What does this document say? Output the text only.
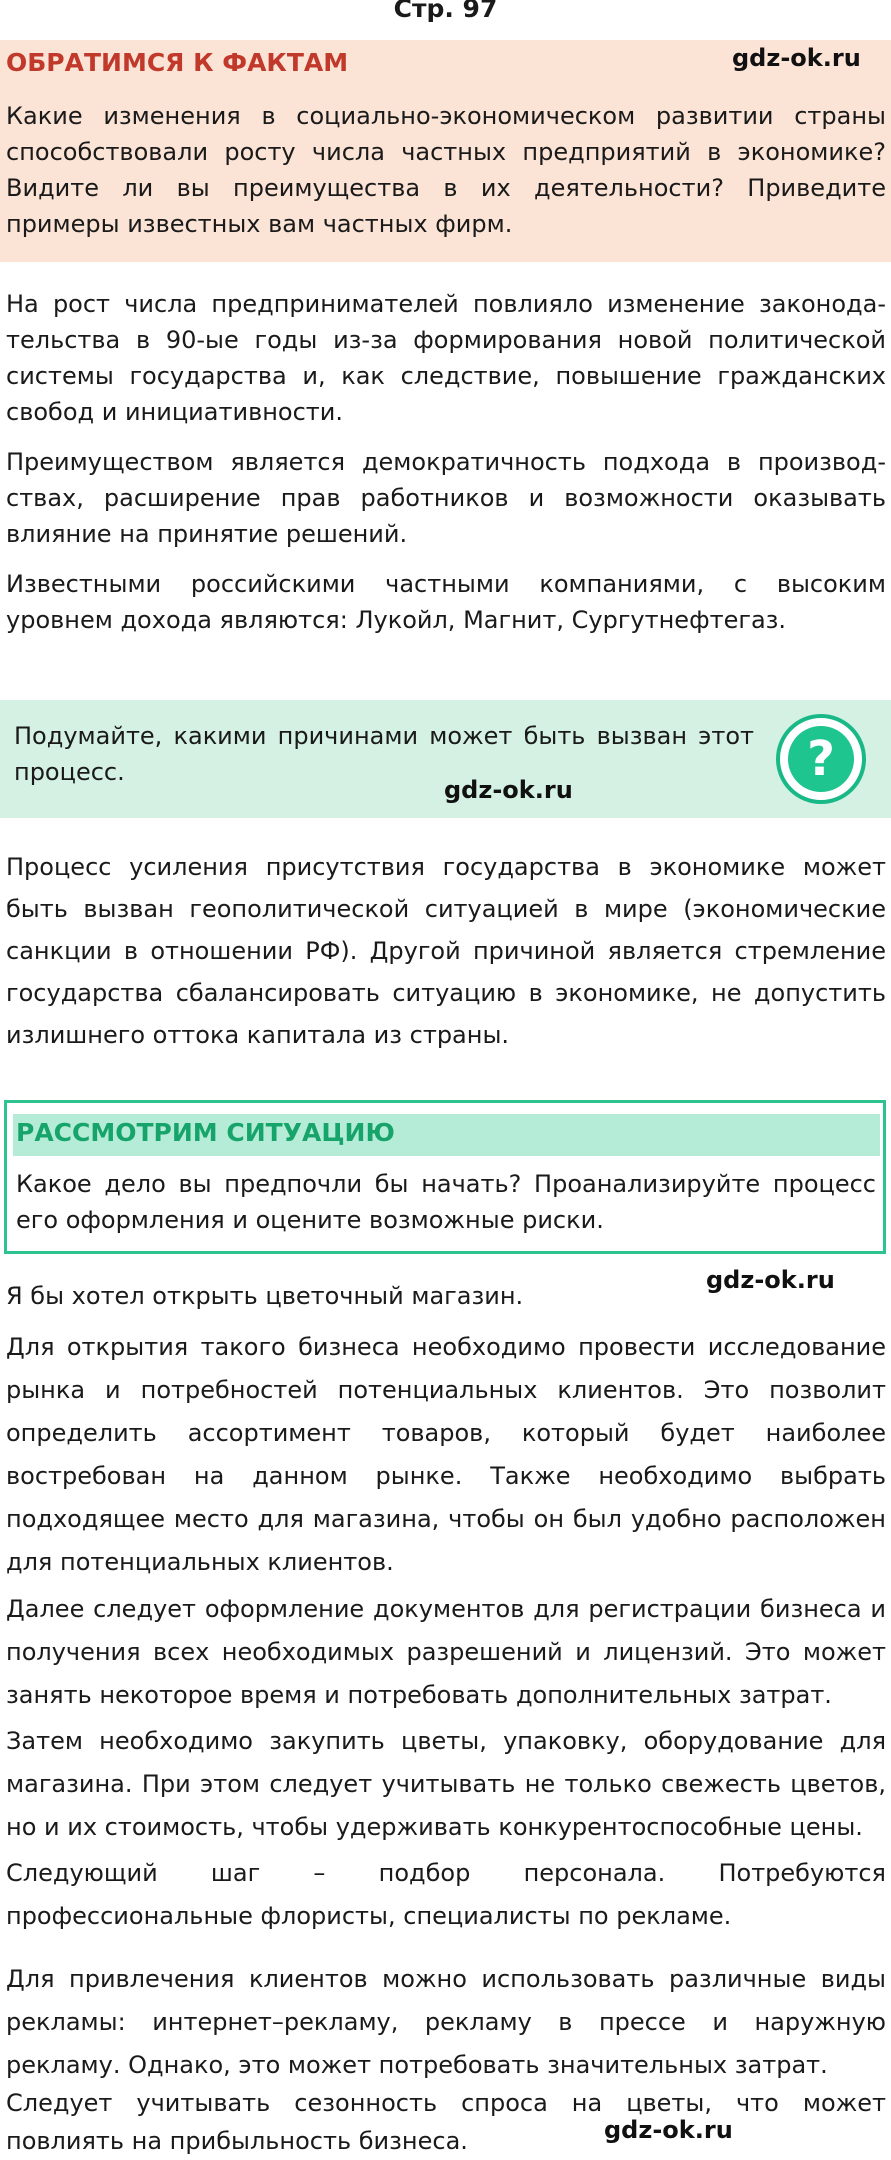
Стр. 97
ОБРАТИМСЯ К ФАКТАМ	gdz-ok.ru

Какие изменения в социально-экономическом развитии страны способствовали росту числа частных предприятий в экономике? Видите ли вы преимущества в их деятельности? Приведите примеры известных вам частных фирм.

На рост числа предпринимателей повлияло изменение законодательства в 90-ые годы из-за формирования новой политической системы государства и, как следствие, повышение гражданских свобод и инициативности.

Преимуществом является демократичность подхода в производствах, расширение прав работников и возможности оказывать влияние на принятие решений.

Известными российскими частными компаниями, с высоким уровнем дохода являются: Лукойл, Магнит, Сургутнефтегаз.

Подумайте, какими причинами может быть вызван этот процесс.	?
gdz-ok.ru

Процесс усиления присутствия государства в экономике может быть вызван геополитической ситуацией в мире (экономические санкции в отношении РФ). Другой причиной является стремление государства сбалансировать ситуацию в экономике, не допустить излишнего оттока капитала из страны.

РАССМОТРИМ СИТУАЦИЮ

Какое дело вы предпочли бы начать? Проанализируйте процесс его оформления и оцените возможные риски.

Я бы хотел открыть цветочный магазин.

gdz-ok.ru

Для открытия такого бизнеса необходимо провести исследование рынка и потребностей потенциальных клиентов. Это позволит определить ассортимент товаров, который будет наиболее востребован на данном рынке. Также необходимо выбрать подходящее место для магазина, чтобы он был удобно расположен для потенциальных клиентов.

Далее следует оформление документов для регистрации бизнеса и получения всех необходимых разрешений и лицензий. Это может занять некоторое время и потребовать дополнительных затрат.

Затем необходимо закупить цветы, упаковку, оборудование для магазина. При этом следует учитывать не только свежесть цветов, но и их стоимость, чтобы удерживать конкурентоспособные цены.

Следующий шаг – подбор персонала. Потребуются профессиональные флористы, специалисты по рекламе.

Для привлечения клиентов можно использовать различные виды рекламы: интернет–рекламу, рекламу в прессе и наружную рекламу. Однако, это может потребовать значительных затрат.

Следует учитывать сезонность спроса на цветы, что может повлиять на прибыльность бизнеса.	gdz-ok.ru
